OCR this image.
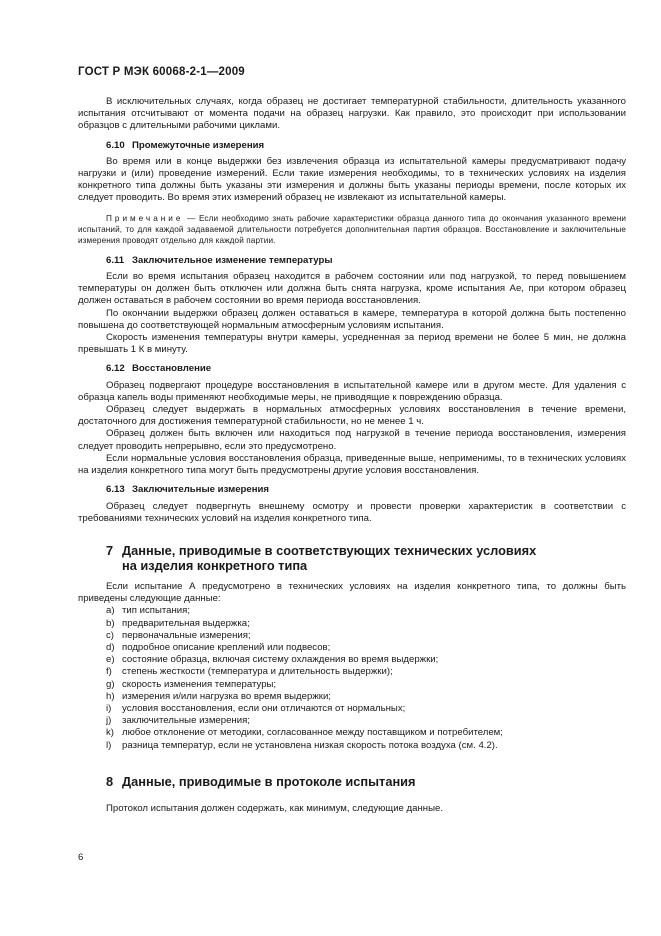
ГОСТ Р МЭК 60068-2-1—2009

В исключительных случаях, когда образец не достигает температурной стабильности, длительность указанного испытания отсчитывают от момента подачи на образец нагрузки. Как правило, это происходит при использовании образцов с длительными рабочими циклами.

6.10 Промежуточные измерения

Во время или в конце выдержки без извлечения образца из испытательной камеры предусматривают подачу нагрузки и (или) проведение измерений. Если такие измерения необходимы, то в технических условиях на изделия конкретного типа должны быть указаны эти измерения и должны быть указаны периоды времени, после которых их следует проводить. Во время этих измерений образец не извлекают из испытательной камеры.

Примечание — Если необходимо знать рабочие характеристики образца данного типа до окончания указанного времени испытаний, то для каждой задаваемой длительности потребуется дополнительная партия образцов. Восстановление и заключительные измерения проводят отдельно для каждой партии.

6.11 Заключительное изменение температуры

Если во время испытания образец находится в рабочем состоянии или под нагрузкой, то перед повышением температуры он должен быть отключен или должна быть снята нагрузка, кроме испытания Ae, при котором образец должен оставаться в рабочем состоянии во время периода восстановления.

По окончании выдержки образец должен оставаться в камере, температура в которой должна быть постепенно повышена до соответствующей нормальным атмосферным условиям испытания.

Скорость изменения температуры внутри камеры, усредненная за период времени не более 5 мин, не должна превышать 1 К в минуту.

6.12 Восстановление

Образец подвергают процедуре восстановления в испытательной камере или в другом месте. Для удаления с образца капель воды применяют необходимые меры, не приводящие к повреждению образца.

Образец следует выдержать в нормальных атмосферных условиях восстановления в течение времени, достаточного для достижения температурной стабильности, но не менее 1 ч.

Образец должен быть включен или находиться под нагрузкой в течение периода восстановления, измерения следует проводить непрерывно, если это предусмотрено.

Если нормальные условия восстановления образца, приведенные выше, неприменимы, то в технических условиях на изделия конкретного типа могут быть предусмотрены другие условия восстановления.

6.13 Заключительные измерения

Образец следует подвергнуть внешнему осмотру и провести проверки характеристик в соответствии с требованиями технических условий на изделия конкретного типа.

7 Данные, приводимые в соответствующих технических условиях
на изделия конкретного типа

Если испытание А предусмотрено в технических условиях на изделия конкретного типа, то должны быть приведены следующие данные:

a) тип испытания;
b) предварительная выдержка;
c) первоначальные измерения;
d) подробное описание креплений или подвесов;
e) состояние образца, включая систему охлаждения во время выдержки;
f) степень жесткости (температура и длительность выдержки);
g) скорость изменения температуры;
h) измерения и/или нагрузка во время выдержки;
i) условия восстановления, если они отличаются от нормальных;
j) заключительные измерения;
k) любое отклонение от методики, согласованное между поставщиком и потребителем;
l) разница температур, если не установлена низкая скорость потока воздуха (см. 4.2).
8 Данные, приводимые в протоколе испытания

Протокол испытания должен содержать, как минимум, следующие данные.

6
